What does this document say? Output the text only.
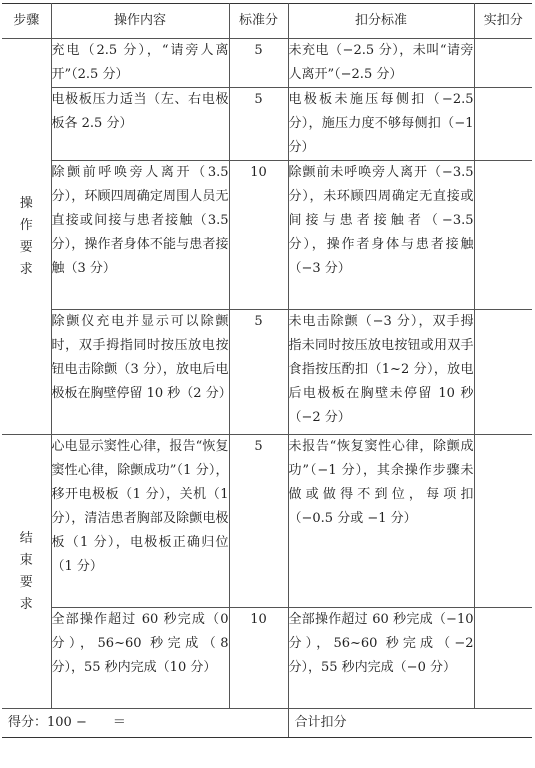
步骤	操作内容	标准分	扣分标准	实扣分
操作要求	充电（2.5 分），“请旁人离开”（2.5 分）	5	未充电（−2.5 分），未叫“请旁人离开”（−2.5 分）	
	电极板压力适当（左、右电极板各 2.5 分）	5	电极板未施压每侧扣（−2.5 分），施压力度不够每侧扣（−1 分）	
	除颤前呼唤旁人离开（3.5 分），环顾四周确定周围人员无直接或间接与患者接触（3.5 分），操作者身体不能与患者接触（3 分）	10	除颤前未呼唤旁人离开（−3.5 分），未环顾四周确定无直接或间接与患者接触者（−3.5 分），操作者身体与患者接触（−3 分）	
	除颤仪充电并显示可以除颤时，双手拇指同时按压放电按钮电击除颤（3 分），放电后电极板在胸壁停留 10 秒（2 分）	5	未电击除颤（−3 分），双手拇指未同时按压放电按钮或用双手食指按压酌扣（1~2 分），放电后电极板在胸壁未停留 10 秒（−2 分）	
结束要求	心电显示窦性心律，报告“恢复窦性心律，除颤成功”（1 分），移开电极板（1 分），关机（1 分），清洁患者胸部及除颤电极板（1 分），电极板正确归位（1 分）	5	未报告“恢复窦性心律，除颤成功”（−1 分），其余操作步骤未做或做得不到位，每项扣（−0.5 分或 −1 分）	
	全部操作超过 60 秒完成（0 分），56~60 秒完成（8 分），55 秒内完成（10 分）	10	全部操作超过 60 秒完成（−10 分），56~60 秒完成（−2 分），55 秒内完成（−0 分）	
得分：100 −　　＝			合计扣分	
